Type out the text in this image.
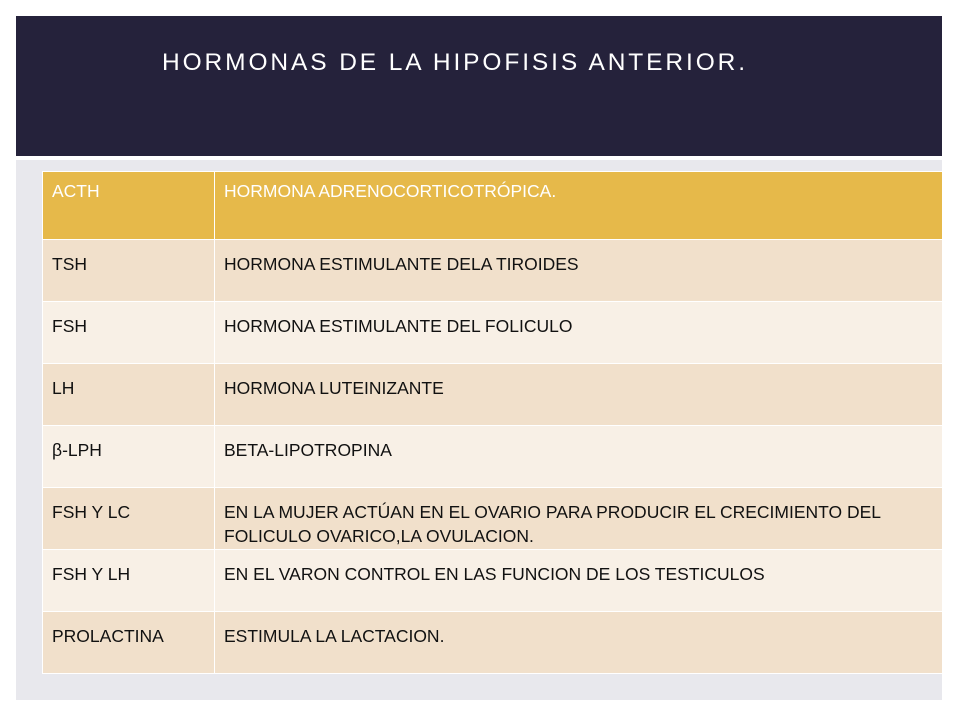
HORMONAS DE LA HIPOFISIS ANTERIOR.
ACTH	HORMONA ADRENOCORTICOTRÓPICA.
TSH	HORMONA ESTIMULANTE DELA TIROIDES
FSH	HORMONA ESTIMULANTE DEL FOLICULO
LH	HORMONA LUTEINIZANTE
β-LPH	BETA-LIPOTROPINA
FSH Y LC	EN LA MUJER ACTÚAN EN EL OVARIO PARA PRODUCIR EL CRECIMIENTO DEL FOLICULO OVARICO,LA OVULACION.
FSH Y LH	EN EL VARON CONTROL EN LAS FUNCION DE LOS TESTICULOS
PROLACTINA	ESTIMULA LA LACTACION.
